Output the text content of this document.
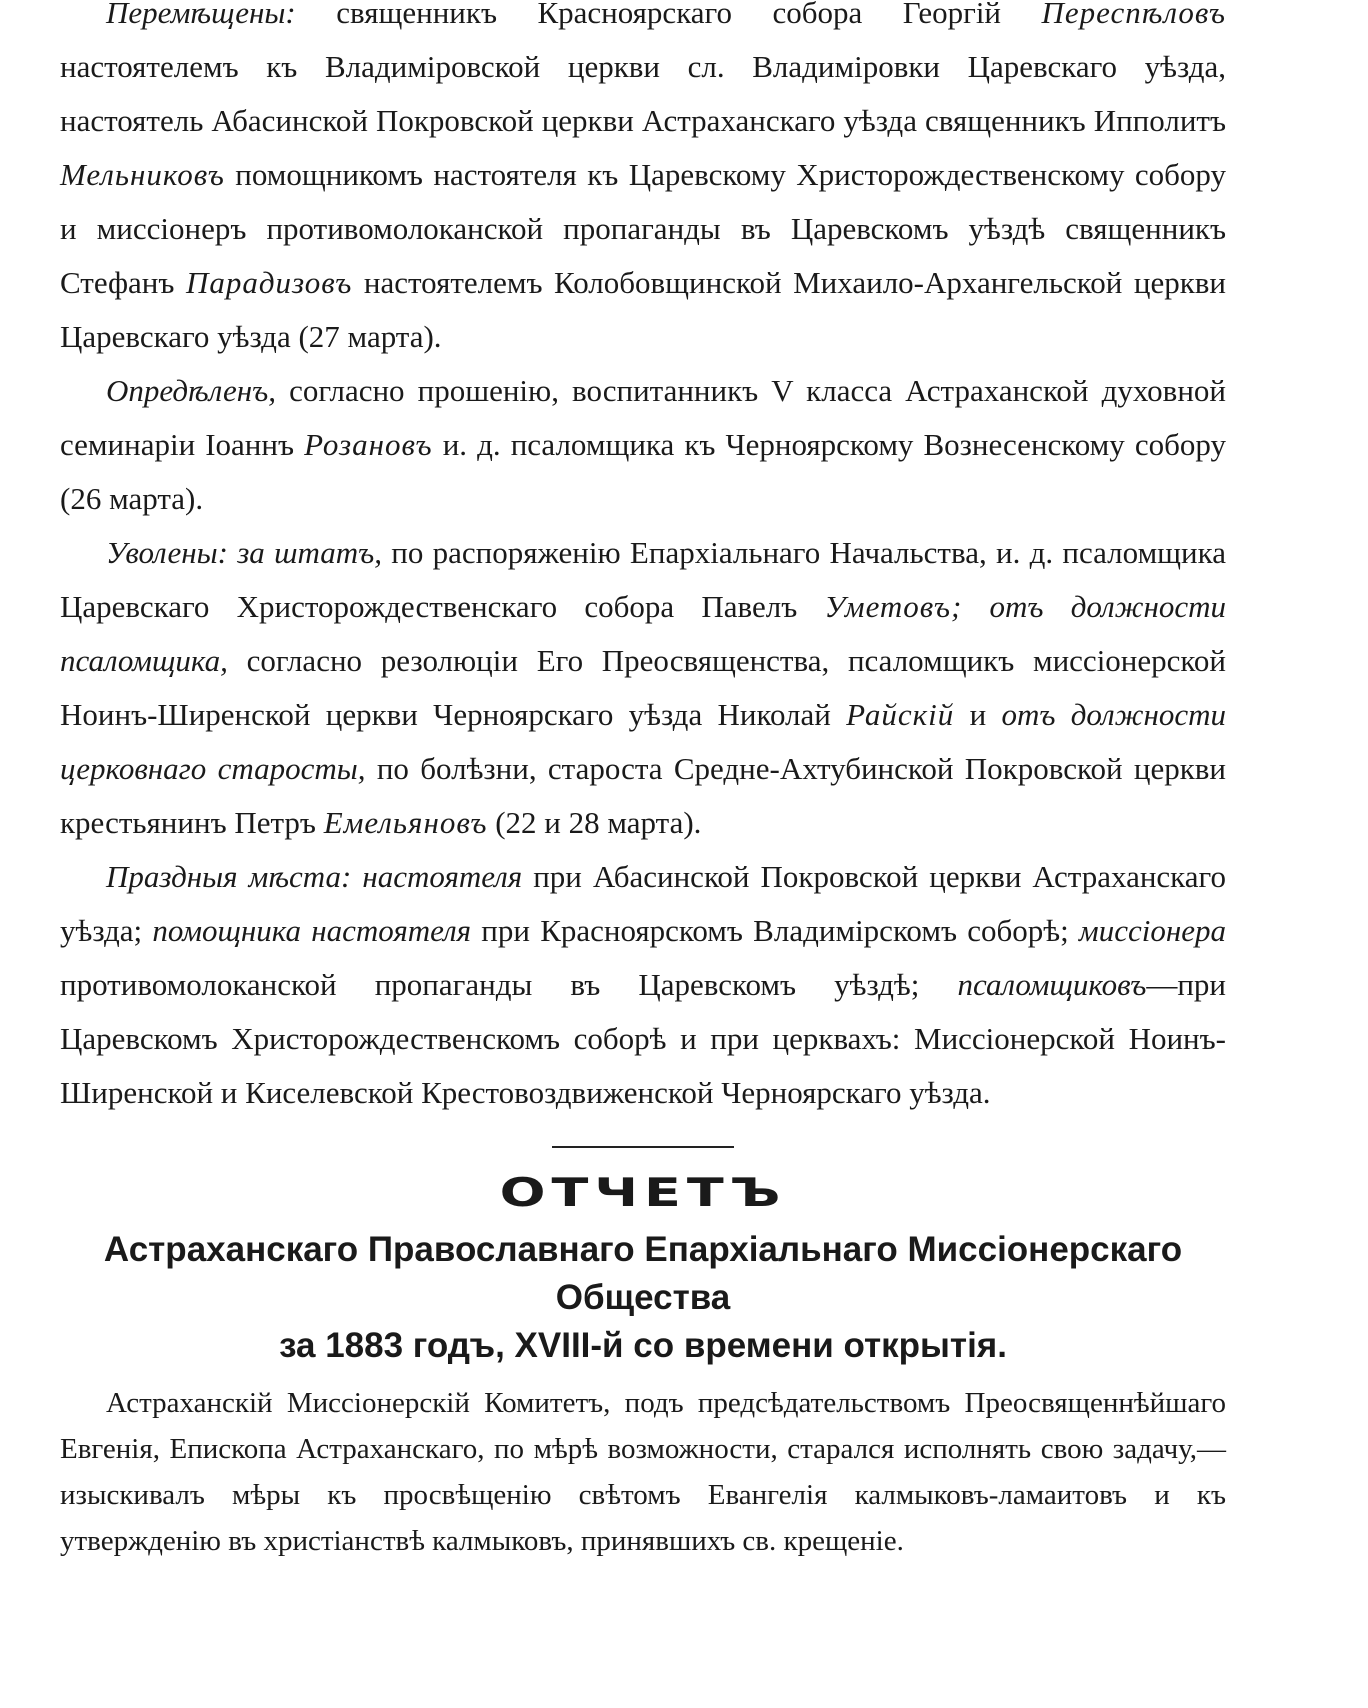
Перемѣщены: священникъ Красноярскаго собора Георгій Переспѣловъ настоятелемъ къ Владиміровской церкви сл. Владиміровки Царевскаго уѣзда, настоятель Абасинской Покровской церкви Астраханскаго уѣзда священникъ Ипполитъ Мельниковъ помощникомъ настоятеля къ Царевскому Христорождественскому собору и миссіонеръ противомолоканской пропаганды въ Царевскомъ уѣздѣ священникъ Стефанъ Парадизовъ настоятелемъ Колобовщинской Михаило-Архангельской церкви Царевскаго уѣзда (27 марта).

Опредѣленъ, согласно прошенію, воспитанникъ V класса Астраханской духовной семинаріи Іоаннъ Розановъ и. д. псаломщика къ Черноярскому Вознесенскому собору (26 марта).

Уволены: за штатъ, по распоряженію Епархіальнаго Начальства, и. д. псаломщика Царевскаго Христорождественскаго собора Павелъ Уметовъ; отъ должности псаломщика, согласно резолюціи Его Преосвященства, псаломщикъ миссіонерской Ноинъ-Ширенской церкви Черноярскаго уѣзда Николай Райскій и отъ должности церковнаго старосты, по болѣзни, староста Средне-Ахтубинской Покровской церкви крестьянинъ Петръ Емельяновъ (22 и 28 марта).

Праздныя мѣста: настоятеля при Абасинской Покровской церкви Астраханскаго уѣзда; помощника настоятеля при Красноярскомъ Владимірскомъ соборѣ; миссіонера противомолоканской пропаганды въ Царевскомъ уѣздѣ; псаломщиковъ—при Царевскомъ Христорождественскомъ соборѣ и при церквахъ: Миссіонерской Ноинъ-Ширенской и Киселевской Крестовоздвиженской Черноярскаго уѣзда.

ОТЧЕТЪ

Астраханскаго Православнаго Епархіальнаго Миссіонерскаго Общества
за 1883 годъ, XVIII-й со времени открытія.

Астраханскій Миссіонерскій Комитетъ, подъ предсѣдательствомъ Преосвященнѣйшаго Евгенія, Епископа Астраханскаго, по мѣрѣ возможности, старался исполнять свою задачу,—изыскивалъ мѣры къ просвѣщенію свѣтомъ Евангелія калмыковъ-ламаитовъ и къ утвержденію въ христіанствѣ калмыковъ, принявшихъ св. крещеніе.
